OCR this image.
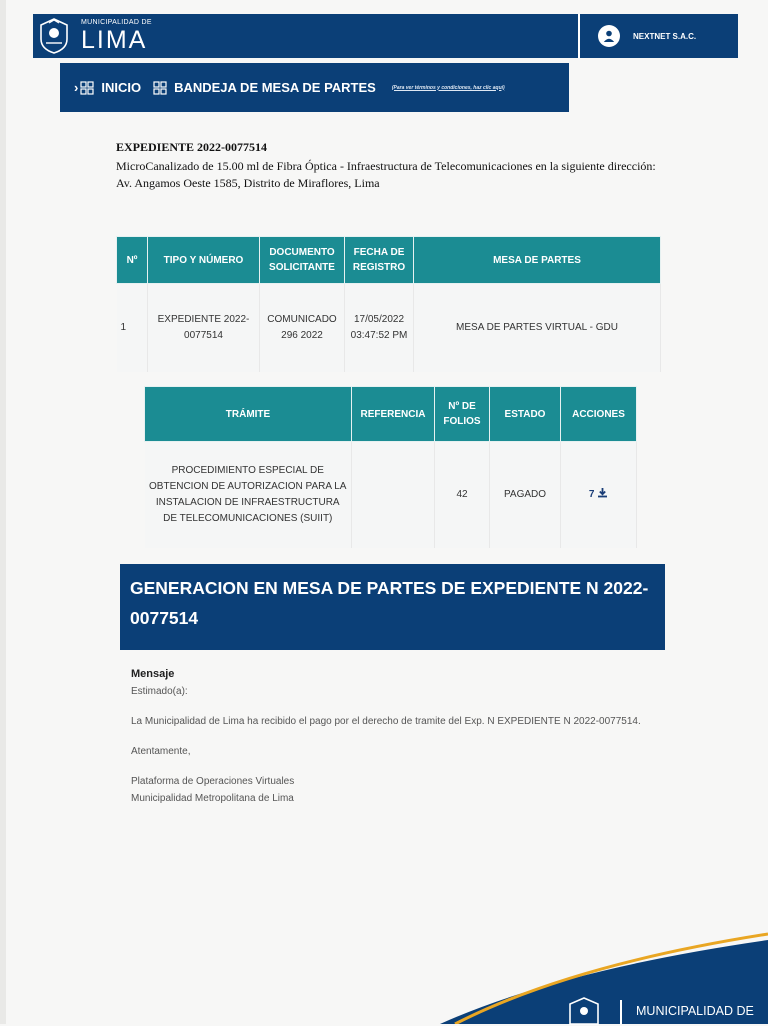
MUNICIPALIDAD DE
LIMA	NEXTNET S.A.C.
› INICIO	BANDEJA DE MESA DE PARTES	(Para ver términos y condiciones, haz clic aquí)

EXPEDIENTE 2022-0077514

MicroCanalizado de 15.00 ml de Fibra Óptica - Infraestructura de Telecomunicaciones en la siguiente dirección: Av. Angamos Oeste 1585, Distrito de Miraflores, Lima

Nº	TIPO Y NÚMERO	DOCUMENTO SOLICITANTE	FECHA DE REGISTRO	MESA DE PARTES
1	EXPEDIENTE 2022-0077514	COMUNICADO 296 2022	17/05/2022 03:47:52 PM	MESA DE PARTES VIRTUAL - GDU
TRÁMITE	REFERENCIA	Nº DE FOLIOS	ESTADO	ACCIONES
PROCEDIMIENTO ESPECIAL DE OBTENCION DE AUTORIZACION PARA LA INSTALACION DE INFRAESTRUCTURA DE TELECOMUNICACIONES (SUIIT)		42	PAGADO	7
GENERACION EN MESA DE PARTES DE EXPEDIENTE N 2022-0077514

Mensaje

Estimado(a):

La Municipalidad de Lima ha recibido el pago por el derecho de tramite del Exp. N EXPEDIENTE N 2022-0077514.

Atentamente,

Plataforma de Operaciones Virtuales

Municipalidad Metropolitana de Lima

MUNICIPALIDAD DE
